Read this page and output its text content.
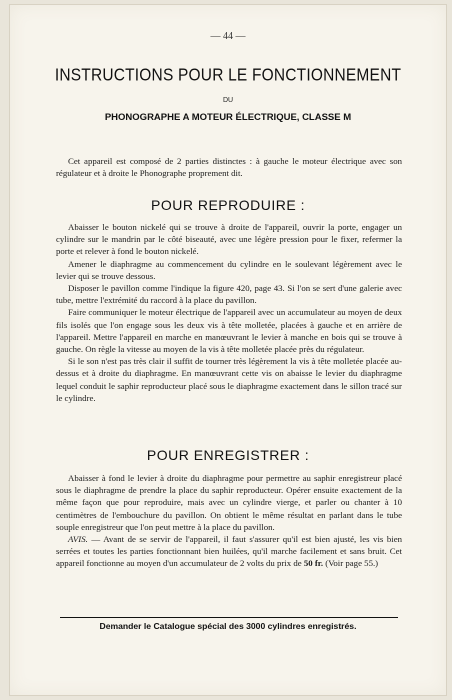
— 44 —
INSTRUCTIONS POUR LE FONCTIONNEMENT
DU
PHONOGRAPHE A MOTEUR ÉLECTRIQUE, CLASSE M

Cet appareil est composé de 2 parties distinctes : à gauche le moteur électrique avec son régulateur et à droite le Phonographe proprement dit.

POUR REPRODUIRE :

Abaisser le bouton nickelé qui se trouve à droite de l'appareil, ouvrir la porte, engager un cylindre sur le mandrin par le côté biseauté, avec une légère pression pour le fixer, refermer la porte et relever à fond le bouton nickelé.

Amener le diaphragme au commencement du cylindre en le soulevant légèrement avec le levier qui se trouve dessous.

Disposer le pavillon comme l'indique la figure 420, page 43. Si l'on se sert d'une galerie avec tube, mettre l'extrémité du raccord à la place du pavillon.

Faire communiquer le moteur électrique de l'appareil avec un accumulateur au moyen de deux fils isolés que l'on engage sous les deux vis à tête molletée, placées à gauche et en arrière de l'appareil. Mettre l'appareil en marche en manœuvrant le levier à manche en bois qui se trouve à gauche. On règle la vitesse au moyen de la vis à tête molletée placée près du régulateur.

Si le son n'est pas très clair il suffit de tourner très légèrement la vis à tête molletée placée au-dessus et à droite du diaphragme. En manœuvrant cette vis on abaisse le levier du diaphragme lequel conduit le saphir reproducteur placé sous le diaphragme exactement dans le sillon tracé sur le cylindre.

POUR ENREGISTRER :

Abaisser à fond le levier à droite du diaphragme pour permettre au saphir enregistreur placé sous le diaphragme de prendre la place du saphir reproducteur. Opérer ensuite exactement de la même façon que pour reproduire, mais avec un cylindre vierge, et parler ou chanter à 10 centimètres de l'embouchure du pavillon. On obtient le même résultat en parlant dans le tube souple enregistreur que l'on peut mettre à la place du pavillon.

AVIS. — Avant de se servir de l'appareil, il faut s'assurer qu'il est bien ajusté, les vis bien serrées et toutes les parties fonctionnant bien huilées, qu'il marche facilement et sans bruit. Cet appareil fonctionne au moyen d'un accumulateur de 2 volts du prix de 50 fr. (Voir page 55.)

Demander le Catalogue spécial des 3000 cylindres enregistrés.
